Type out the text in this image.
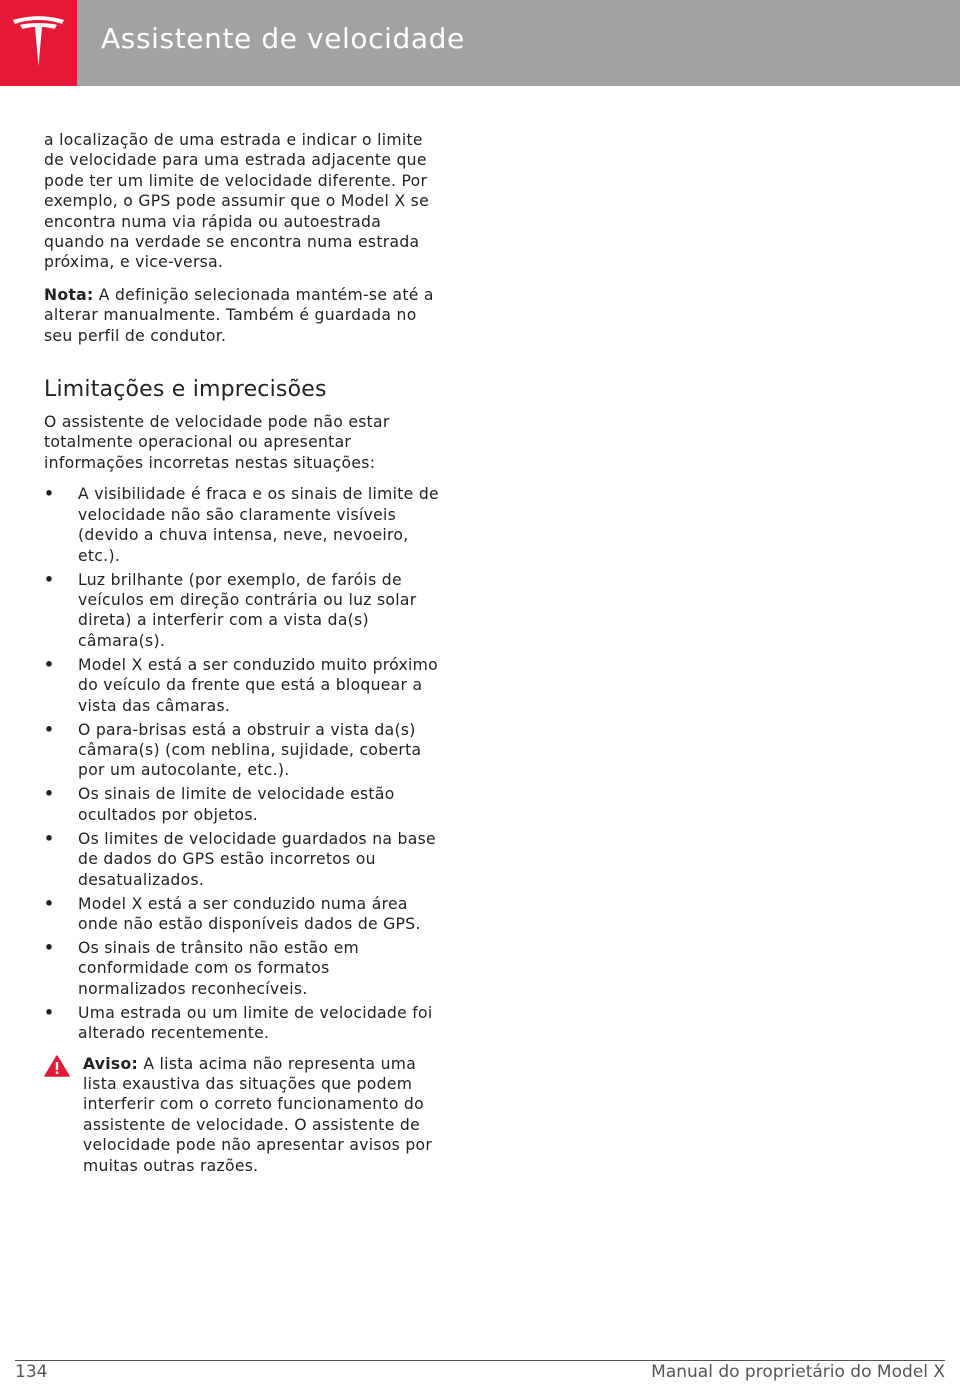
Assistente de velocidade

a localização de uma estrada e indicar o limite de velocidade para uma estrada adjacente que pode ter um limite de velocidade diferente. Por exemplo, o GPS pode assumir que o Model X se encontra numa via rápida ou autoestrada quando na verdade se encontra numa estrada próxima, e vice-versa.

Nota: A definição selecionada mantém-se até a alterar manualmente. Também é guardada no seu perfil de condutor.

Limitações e imprecisões

O assistente de velocidade pode não estar totalmente operacional ou apresentar informações incorretas nestas situações:

• A visibilidade é fraca e os sinais de limite de velocidade não são claramente visíveis (devido a chuva intensa, neve, nevoeiro, etc.).
• Luz brilhante (por exemplo, de faróis de veículos em direção contrária ou luz solar direta) a interferir com a vista da(s) câmara(s).
• Model X está a ser conduzido muito próximo do veículo da frente que está a bloquear a vista das câmaras.
• O para-brisas está a obstruir a vista da(s) câmara(s) (com neblina, sujidade, coberta por um autocolante, etc.).
• Os sinais de limite de velocidade estão ocultados por objetos.
• Os limites de velocidade guardados na base de dados do GPS estão incorretos ou desatualizados.
• Model X está a ser conduzido numa área onde não estão disponíveis dados de GPS.
• Os sinais de trânsito não estão em conformidade com os formatos normalizados reconhecíveis.
• Uma estrada ou um limite de velocidade foi alterado recentemente.

Aviso: A lista acima não representa uma lista exaustiva das situações que podem interferir com o correto funcionamento do assistente de velocidade. O assistente de velocidade pode não apresentar avisos por muitas outras razões.

134	Manual do proprietário do Model X
